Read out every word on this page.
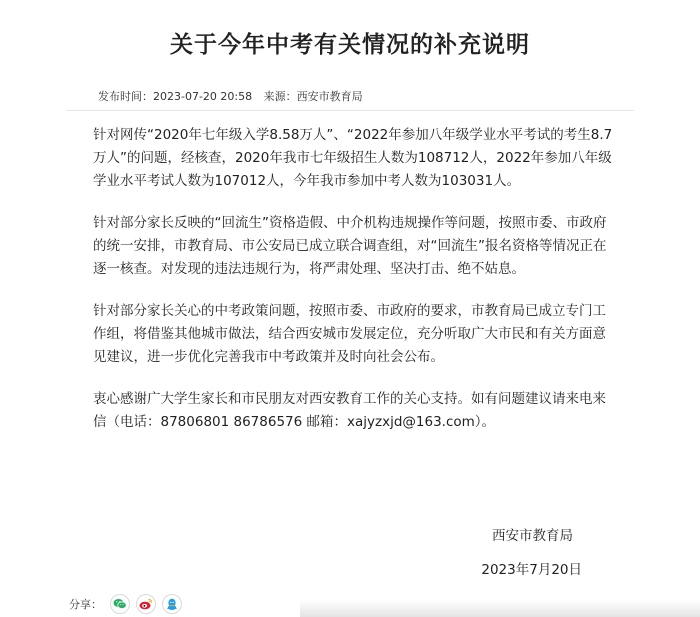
关于今年中考有关情况的补充说明
发布时间：2023-07-20 20:58 来源：西安市教育局

针对网传“2020年七年级入学8.58万人”、“2022年参加八年级学业水平考试的考生8.7万人”的问题，经核查，2020年我市七年级招生人数为108712人，2022年参加八年级学业水平考试人数为107012人，今年我市参加中考人数为103031人。

针对部分家长反映的“回流生”资格造假、中介机构违规操作等问题，按照市委、市政府的统一安排，市教育局、市公安局已成立联合调查组，对“回流生”报名资格等情况正在逐一核查。对发现的违法违规行为，将严肃处理、坚决打击、绝不姑息。

针对部分家长关心的中考政策问题，按照市委、市政府的要求，市教育局已成立专门工作组，将借鉴其他城市做法，结合西安城市发展定位，充分听取广大市民和有关方面意见建议，进一步优化完善我市中考政策并及时向社会公布。

衷心感谢广大学生家长和市民朋友对西安教育工作的关心支持。如有问题建议请来电来信（电话：87806801 86786576 邮箱：xajyzxjd@163.com）。

西安市教育局
2023年7月20日
分享：
